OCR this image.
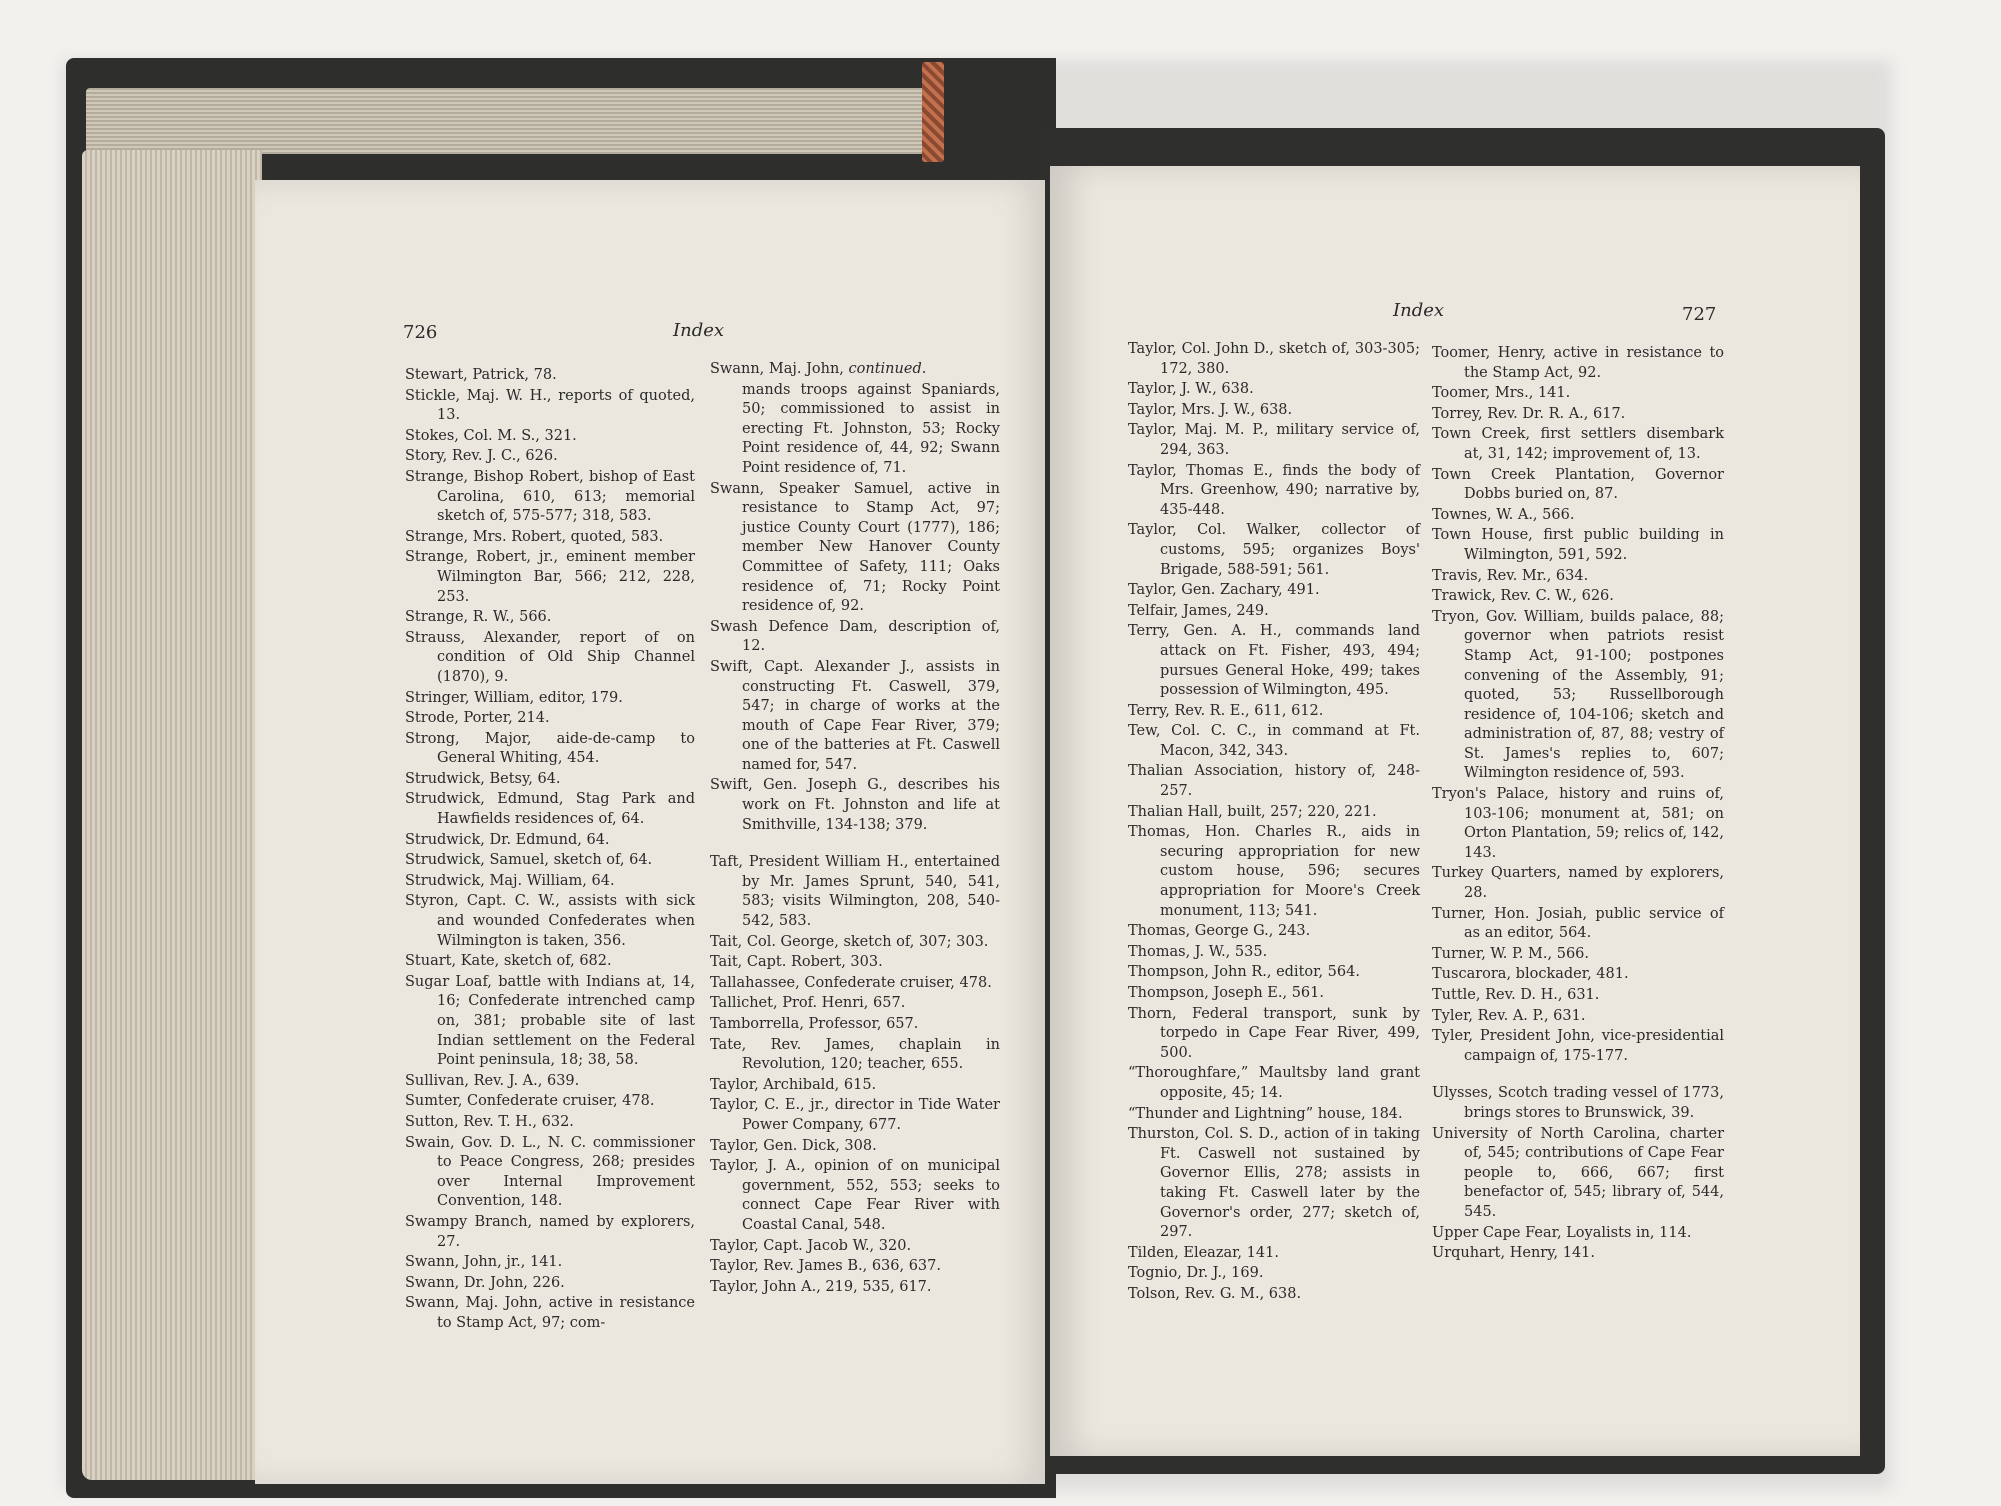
726	Index
Stewart, Patrick, 78.
Stickle, Maj. W. H., reports of quoted, 13.
Stokes, Col. M. S., 321.
Story, Rev. J. C., 626.
Strange, Bishop Robert, bishop of East Carolina, 610, 613; memorial sketch of, 575-577; 318, 583.
Strange, Mrs. Robert, quoted, 583.
Strange, Robert, jr., eminent member Wilmington Bar, 566; 212, 228, 253.
Strange, R. W., 566.
Strauss, Alexander, report of on condition of Old Ship Channel (1870), 9.
Stringer, William, editor, 179.
Strode, Porter, 214.
Strong, Major, aide-de-camp to General Whiting, 454.
Strudwick, Betsy, 64.
Strudwick, Edmund, Stag Park and Hawfields residences of, 64.
Strudwick, Dr. Edmund, 64.
Strudwick, Samuel, sketch of, 64.
Strudwick, Maj. William, 64.
Styron, Capt. C. W., assists with sick and wounded Confederates when Wilmington is taken, 356.
Stuart, Kate, sketch of, 682.
Sugar Loaf, battle with Indians at, 14, 16; Confederate intrenched camp on, 381; probable site of last Indian settlement on the Federal Point peninsula, 18; 38, 58.
Sullivan, Rev. J. A., 639.
Sumter, Confederate cruiser, 478.
Sutton, Rev. T. H., 632.
Swain, Gov. D. L., N. C. commissioner to Peace Congress, 268; presides over Internal Improvement Convention, 148.
Swampy Branch, named by explorers, 27.
Swann, John, jr., 141.
Swann, Dr. John, 226.
Swann, Maj. John, active in resistance to Stamp Act, 97; com-
Swann, Maj. John, continued.
mands troops against Spaniards, 50; commissioned to assist in erecting Ft. Johnston, 53; Rocky Point residence of, 44, 92; Swann Point residence of, 71.
Swann, Speaker Samuel, active in resistance to Stamp Act, 97; justice County Court (1777), 186; member New Hanover County Committee of Safety, 111; Oaks residence of, 71; Rocky Point residence of, 92.
Swash Defence Dam, description of, 12.
Swift, Capt. Alexander J., assists in constructing Ft. Caswell, 379, 547; in charge of works at the mouth of Cape Fear River, 379; one of the batteries at Ft. Caswell named for, 547.
Swift, Gen. Joseph G., describes his work on Ft. Johnston and life at Smithville, 134-138; 379.
Taft, President William H., entertained by Mr. James Sprunt, 540, 541, 583; visits Wilmington, 208, 540-542, 583.
Tait, Col. George, sketch of, 307; 303.
Tait, Capt. Robert, 303.
Tallahassee, Confederate cruiser, 478.
Tallichet, Prof. Henri, 657.
Tamborrella, Professor, 657.
Tate, Rev. James, chaplain in Revolution, 120; teacher, 655.
Taylor, Archibald, 615.
Taylor, C. E., jr., director in Tide Water Power Company, 677.
Taylor, Gen. Dick, 308.
Taylor, J. A., opinion of on municipal government, 552, 553; seeks to connect Cape Fear River with Coastal Canal, 548.
Taylor, Capt. Jacob W., 320.
Taylor, Rev. James B., 636, 637.
Taylor, John A., 219, 535, 617.
Index	727
Taylor, Col. John D., sketch of, 303-305; 172, 380.
Taylor, J. W., 638.
Taylor, Mrs. J. W., 638.
Taylor, Maj. M. P., military service of, 294, 363.
Taylor, Thomas E., finds the body of Mrs. Greenhow, 490; narrative by, 435-448.
Taylor, Col. Walker, collector of customs, 595; organizes Boys' Brigade, 588-591; 561.
Taylor, Gen. Zachary, 491.
Telfair, James, 249.
Terry, Gen. A. H., commands land attack on Ft. Fisher, 493, 494; pursues General Hoke, 499; takes possession of Wilmington, 495.
Terry, Rev. R. E., 611, 612.
Tew, Col. C. C., in command at Ft. Macon, 342, 343.
Thalian Association, history of, 248-257.
Thalian Hall, built, 257; 220, 221.
Thomas, Hon. Charles R., aids in securing appropriation for new custom house, 596; secures appropriation for Moore's Creek monument, 113; 541.
Thomas, George G., 243.
Thomas, J. W., 535.
Thompson, John R., editor, 564.
Thompson, Joseph E., 561.
Thorn, Federal transport, sunk by torpedo in Cape Fear River, 499, 500.
“Thoroughfare,” Maultsby land grant opposite, 45; 14.
“Thunder and Lightning” house, 184.
Thurston, Col. S. D., action of in taking Ft. Caswell not sustained by Governor Ellis, 278; assists in taking Ft. Caswell later by the Governor's order, 277; sketch of, 297.
Tilden, Eleazar, 141.
Tognio, Dr. J., 169.
Tolson, Rev. G. M., 638.
Toomer, Henry, active in resistance to the Stamp Act, 92.
Toomer, Mrs., 141.
Torrey, Rev. Dr. R. A., 617.
Town Creek, first settlers disembark at, 31, 142; improvement of, 13.
Town Creek Plantation, Governor Dobbs buried on, 87.
Townes, W. A., 566.
Town House, first public building in Wilmington, 591, 592.
Travis, Rev. Mr., 634.
Trawick, Rev. C. W., 626.
Tryon, Gov. William, builds palace, 88; governor when patriots resist Stamp Act, 91-100; postpones convening of the Assembly, 91; quoted, 53; Russellborough residence of, 104-106; sketch and administration of, 87, 88; vestry of St. James's replies to, 607; Wilmington residence of, 593.
Tryon's Palace, history and ruins of, 103-106; monument at, 581; on Orton Plantation, 59; relics of, 142, 143.
Turkey Quarters, named by explorers, 28.
Turner, Hon. Josiah, public service of as an editor, 564.
Turner, W. P. M., 566.
Tuscarora, blockader, 481.
Tuttle, Rev. D. H., 631.
Tyler, Rev. A. P., 631.
Tyler, President John, vice-presidential campaign of, 175-177.
Ulysses, Scotch trading vessel of 1773, brings stores to Brunswick, 39.
University of North Carolina, charter of, 545; contributions of Cape Fear people to, 666, 667; first benefactor of, 545; library of, 544, 545.
Upper Cape Fear, Loyalists in, 114.
Urquhart, Henry, 141.
